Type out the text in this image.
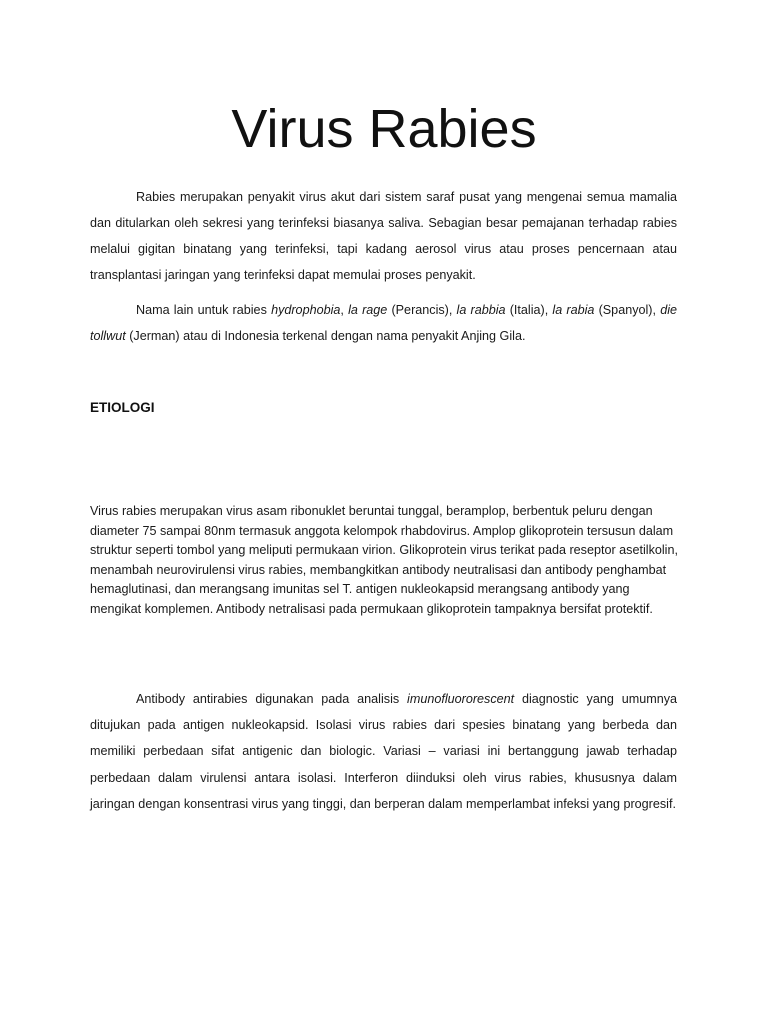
Virus Rabies

Rabies merupakan penyakit virus akut dari sistem saraf pusat yang mengenai semua mamalia dan ditularkan oleh sekresi yang terinfeksi biasanya saliva. Sebagian besar pemajanan terhadap rabies melalui gigitan binatang yang terinfeksi, tapi kadang aerosol virus atau proses pencernaan atau transplantasi jaringan yang terinfeksi dapat memulai proses penyakit.

Nama lain untuk rabies hydrophobia, la rage (Perancis), la rabbia (Italia), la rabia (Spanyol), die tollwut (Jerman) atau di Indonesia terkenal dengan nama penyakit Anjing Gila.

ETIOLOGI

Virus rabies merupakan virus asam ribonuklet beruntai tunggal, beramplop, berbentuk peluru dengan diameter 75 sampai 80nm termasuk anggota kelompok rhabdovirus. Amplop glikoprotein tersusun dalam struktur seperti tombol yang meliputi permukaan virion. Glikoprotein virus terikat pada reseptor asetilkolin, menambah neurovirulensi virus rabies, membangkitkan antibody neutralisasi dan antibody penghambat hemaglutinasi, dan merangsang imunitas sel T. antigen nukleokapsid merangsang antibody yang mengikat komplemen. Antibody netralisasi pada permukaan glikoprotein tampaknya bersifat protektif.

Antibody antirabies digunakan pada analisis imunofluororescent diagnostic yang umumnya ditujukan pada antigen nukleokapsid. Isolasi virus rabies dari spesies binatang yang berbeda dan memiliki perbedaan sifat antigenic dan biologic. Variasi – variasi ini bertanggung jawab terhadap perbedaan dalam virulensi antara isolasi. Interferon diinduksi oleh virus rabies, khususnya dalam jaringan dengan konsentrasi virus yang tinggi, dan berperan dalam memperlambat infeksi yang progresif.
